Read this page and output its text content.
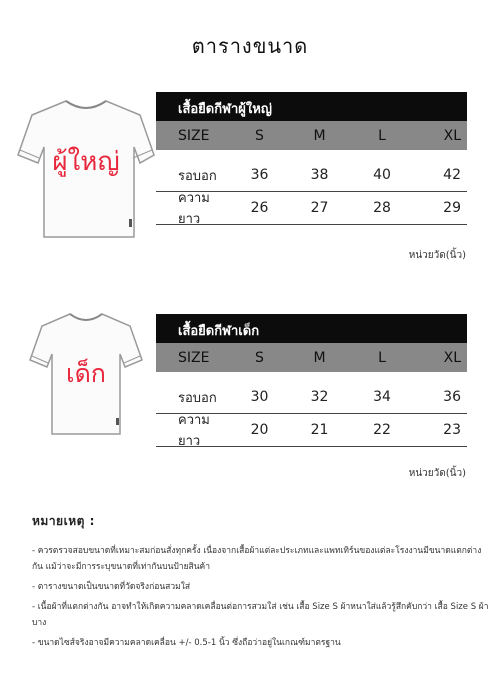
ตารางขนาด
ผู้ใหญ่
เสื้อยืดกีฬาผู้ใหญ่
SIZE	S	M	L	XL
รอบอก	36	38	40	42
ความยาว
26	27	28	29
หน่วยวัด(นิ้ว)
เด็ก
เสื้อยืดกีฬาเด็ก
SIZE	S	M	L	XL
รอบอก	30	32	34	36
ความยาว
20	21	22	23
หน่วยวัด(นิ้ว)
หมายเหตุ :
- ควรตรวจสอบขนาดที่เหมาะสมก่อนสั่งทุกครั้ง เนื่องจากเสื้อผ้าแต่ละประเภทและแพทเทิร์นของแต่ละโรงงานมีขนาดแตกต่างกัน แม้ว่าจะมีการระบุขนาดที่เท่ากันบนป้ายสินค้า
- ตารางขนาดเป็นขนาดที่วัดจริงก่อนสวมใส่
- เนื้อผ้าที่แตกต่างกัน อาจทำให้เกิดความคลาดเคลื่อนต่อการสวมใส่ เช่น เสื้อ Size S ผ้าหนาใส่แล้วรู้สึกคับกว่า เสื้อ Size S ผ้าบาง
- ขนาดไซส์จริงอาจมีความคลาดเคลื่อน +/- 0.5-1 นิ้ว ซึ่งถือว่าอยู่ในเกณฑ์มาตรฐาน
